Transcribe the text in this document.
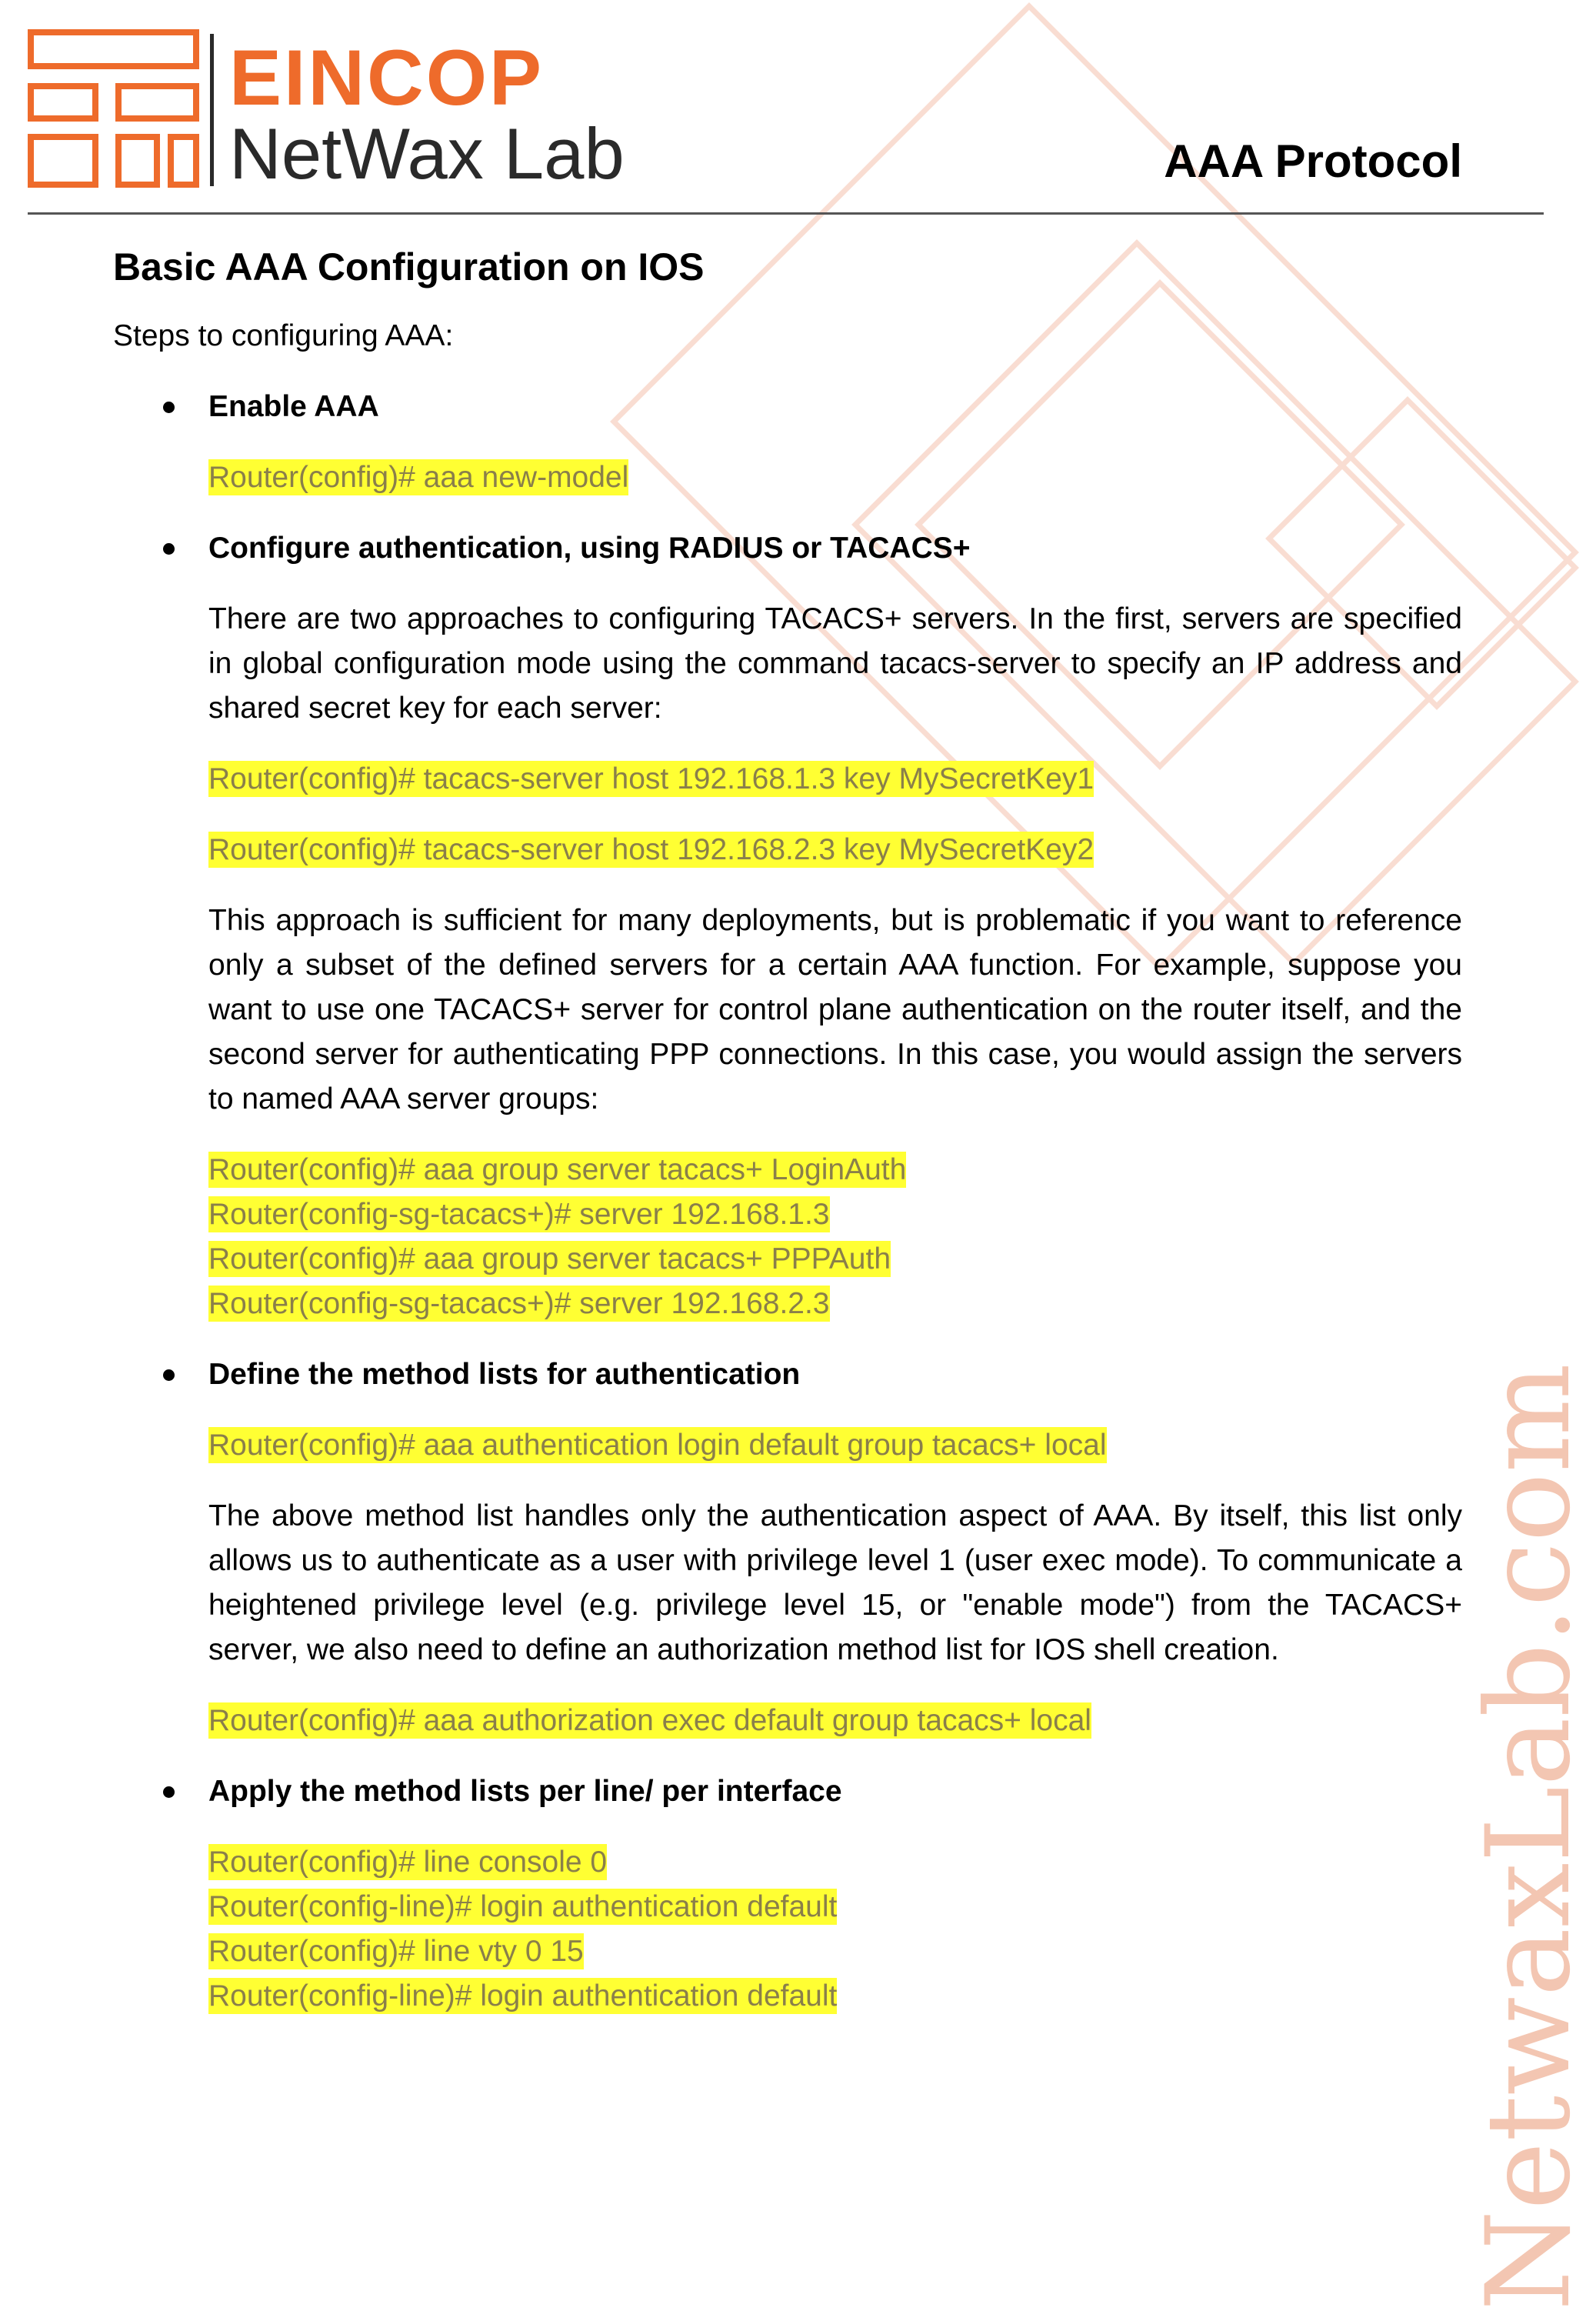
EINCOP
NetWax Lab	AAA Protocol
NetwaxLab.com
Basic AAA Configuration on IOS
Steps to configuring AAA:
Enable AAA
Router(config)# aaa new-model
Configure authentication, using RADIUS or TACACS+
There are two approaches to configuring TACACS+ servers. In the first, servers are specified in global configuration mode using the command tacacs-server to specify an IP address and shared secret key for each server:
Router(config)# tacacs-server host 192.168.1.3 key MySecretKey1
Router(config)# tacacs-server host 192.168.2.3 key MySecretKey2
This approach is sufficient for many deployments, but is problematic if you want to reference only a subset of the defined servers for a certain AAA function. For example, suppose you want to use one TACACS+ server for control plane authentication on the router itself, and the second server for authenticating PPP connections. In this case, you would assign the servers to named AAA server groups:
Router(config)# aaa group server tacacs+ LoginAuth
Router(config-sg-tacacs+)# server 192.168.1.3
Router(config)# aaa group server tacacs+ PPPAuth
Router(config-sg-tacacs+)# server 192.168.2.3
Define the method lists for authentication
Router(config)# aaa authentication login default group tacacs+ local
The above method list handles only the authentication aspect of AAA. By itself, this list only allows us to authenticate as a user with privilege level 1 (user exec mode). To communicate a heightened privilege level (e.g. privilege level 15, or "enable mode") from the TACACS+ server, we also need to define an authorization method list for IOS shell creation.
Router(config)# aaa authorization exec default group tacacs+ local
Apply the method lists per line/ per interface
Router(config)# line console 0
Router(config-line)# login authentication default
Router(config)# line vty 0 15
Router(config-line)# login authentication default
